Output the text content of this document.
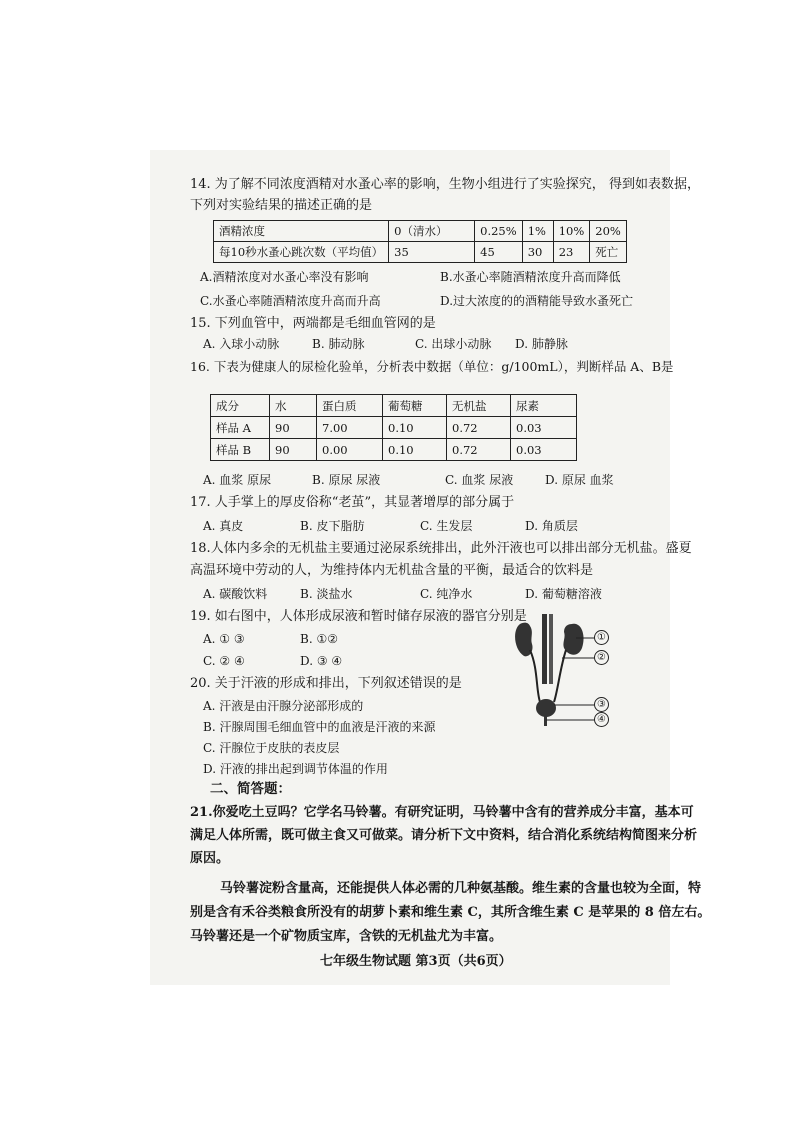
14. 为了解不同浓度酒精对水蚤心率的影响，生物小组进行了实验探究， 得到如表数据，
下列对实验结果的描述正确的是
酒精浓度	0（清水）	0.25%	1%	10%	20%
每10秒水蚤心跳次数（平均值）	35	45	30	23	死亡
A.酒精浓度对水蚤心率没有影响	B.水蚤心率随酒精浓度升高而降低
C.水蚤心率随酒精浓度升高而升高	D.过大浓度的的酒精能导致水蚤死亡
15. 下列血管中，两端都是毛细血管网的是
A. 入球小动脉	B. 肺动脉	C. 出球小动脉 D. 肺静脉
16. 下表为健康人的尿检化验单，分析表中数据（单位：g/100mL），判断样品 A、B是
成分	水	蛋白质	葡萄糖	无机盐	尿素
样品 A	90	7.00	0.10	0.72	0.03
样品 B	90	0.00	0.10	0.72	0.03
A. 血浆 原尿	B. 原尿 尿液	C. 血浆 尿液	D. 原尿 血浆
17. 人手掌上的厚皮俗称“老茧”，其显著增厚的部分属于
A. 真皮	B. 皮下脂肪	C. 生发层	D. 角质层
18.人体内多余的无机盐主要通过泌尿系统排出，此外汗液也可以排出部分无机盐。盛夏
高温环境中劳动的人，为维持体内无机盐含量的平衡，最适合的饮料是
A. 碳酸饮料	B. 淡盐水	C. 纯净水	D. 葡萄糖溶液
19. 如右图中，人体形成尿液和暂时储存尿液的器官分别是
A. ① ③	B. ①②
C. ② ④	D. ③ ④
①
②
③
④
20. 关于汗液的形成和排出，下列叙述错误的是
A. 汗液是由汗腺分泌部形成的
B. 汗腺周围毛细血管中的血液是汗液的来源
C. 汗腺位于皮肤的表皮层
D. 汗液的排出起到调节体温的作用
二、简答题：
21.你爱吃土豆吗？它学名马铃薯。有研究证明，马铃薯中含有的营养成分丰富，基本可
满足人体所需，既可做主食又可做菜。请分析下文中资料，结合消化系统结构简图来分析
原因。
马铃薯淀粉含量高，还能提供人体必需的几种氨基酸。维生素的含量也较为全面，特
别是含有禾谷类粮食所没有的胡萝卜素和维生素 C，其所含维生素 C 是苹果的 8 倍左右。
马铃薯还是一个矿物质宝库，含铁的无机盐尤为丰富。
七年级生物试题 第3页（共6页）
